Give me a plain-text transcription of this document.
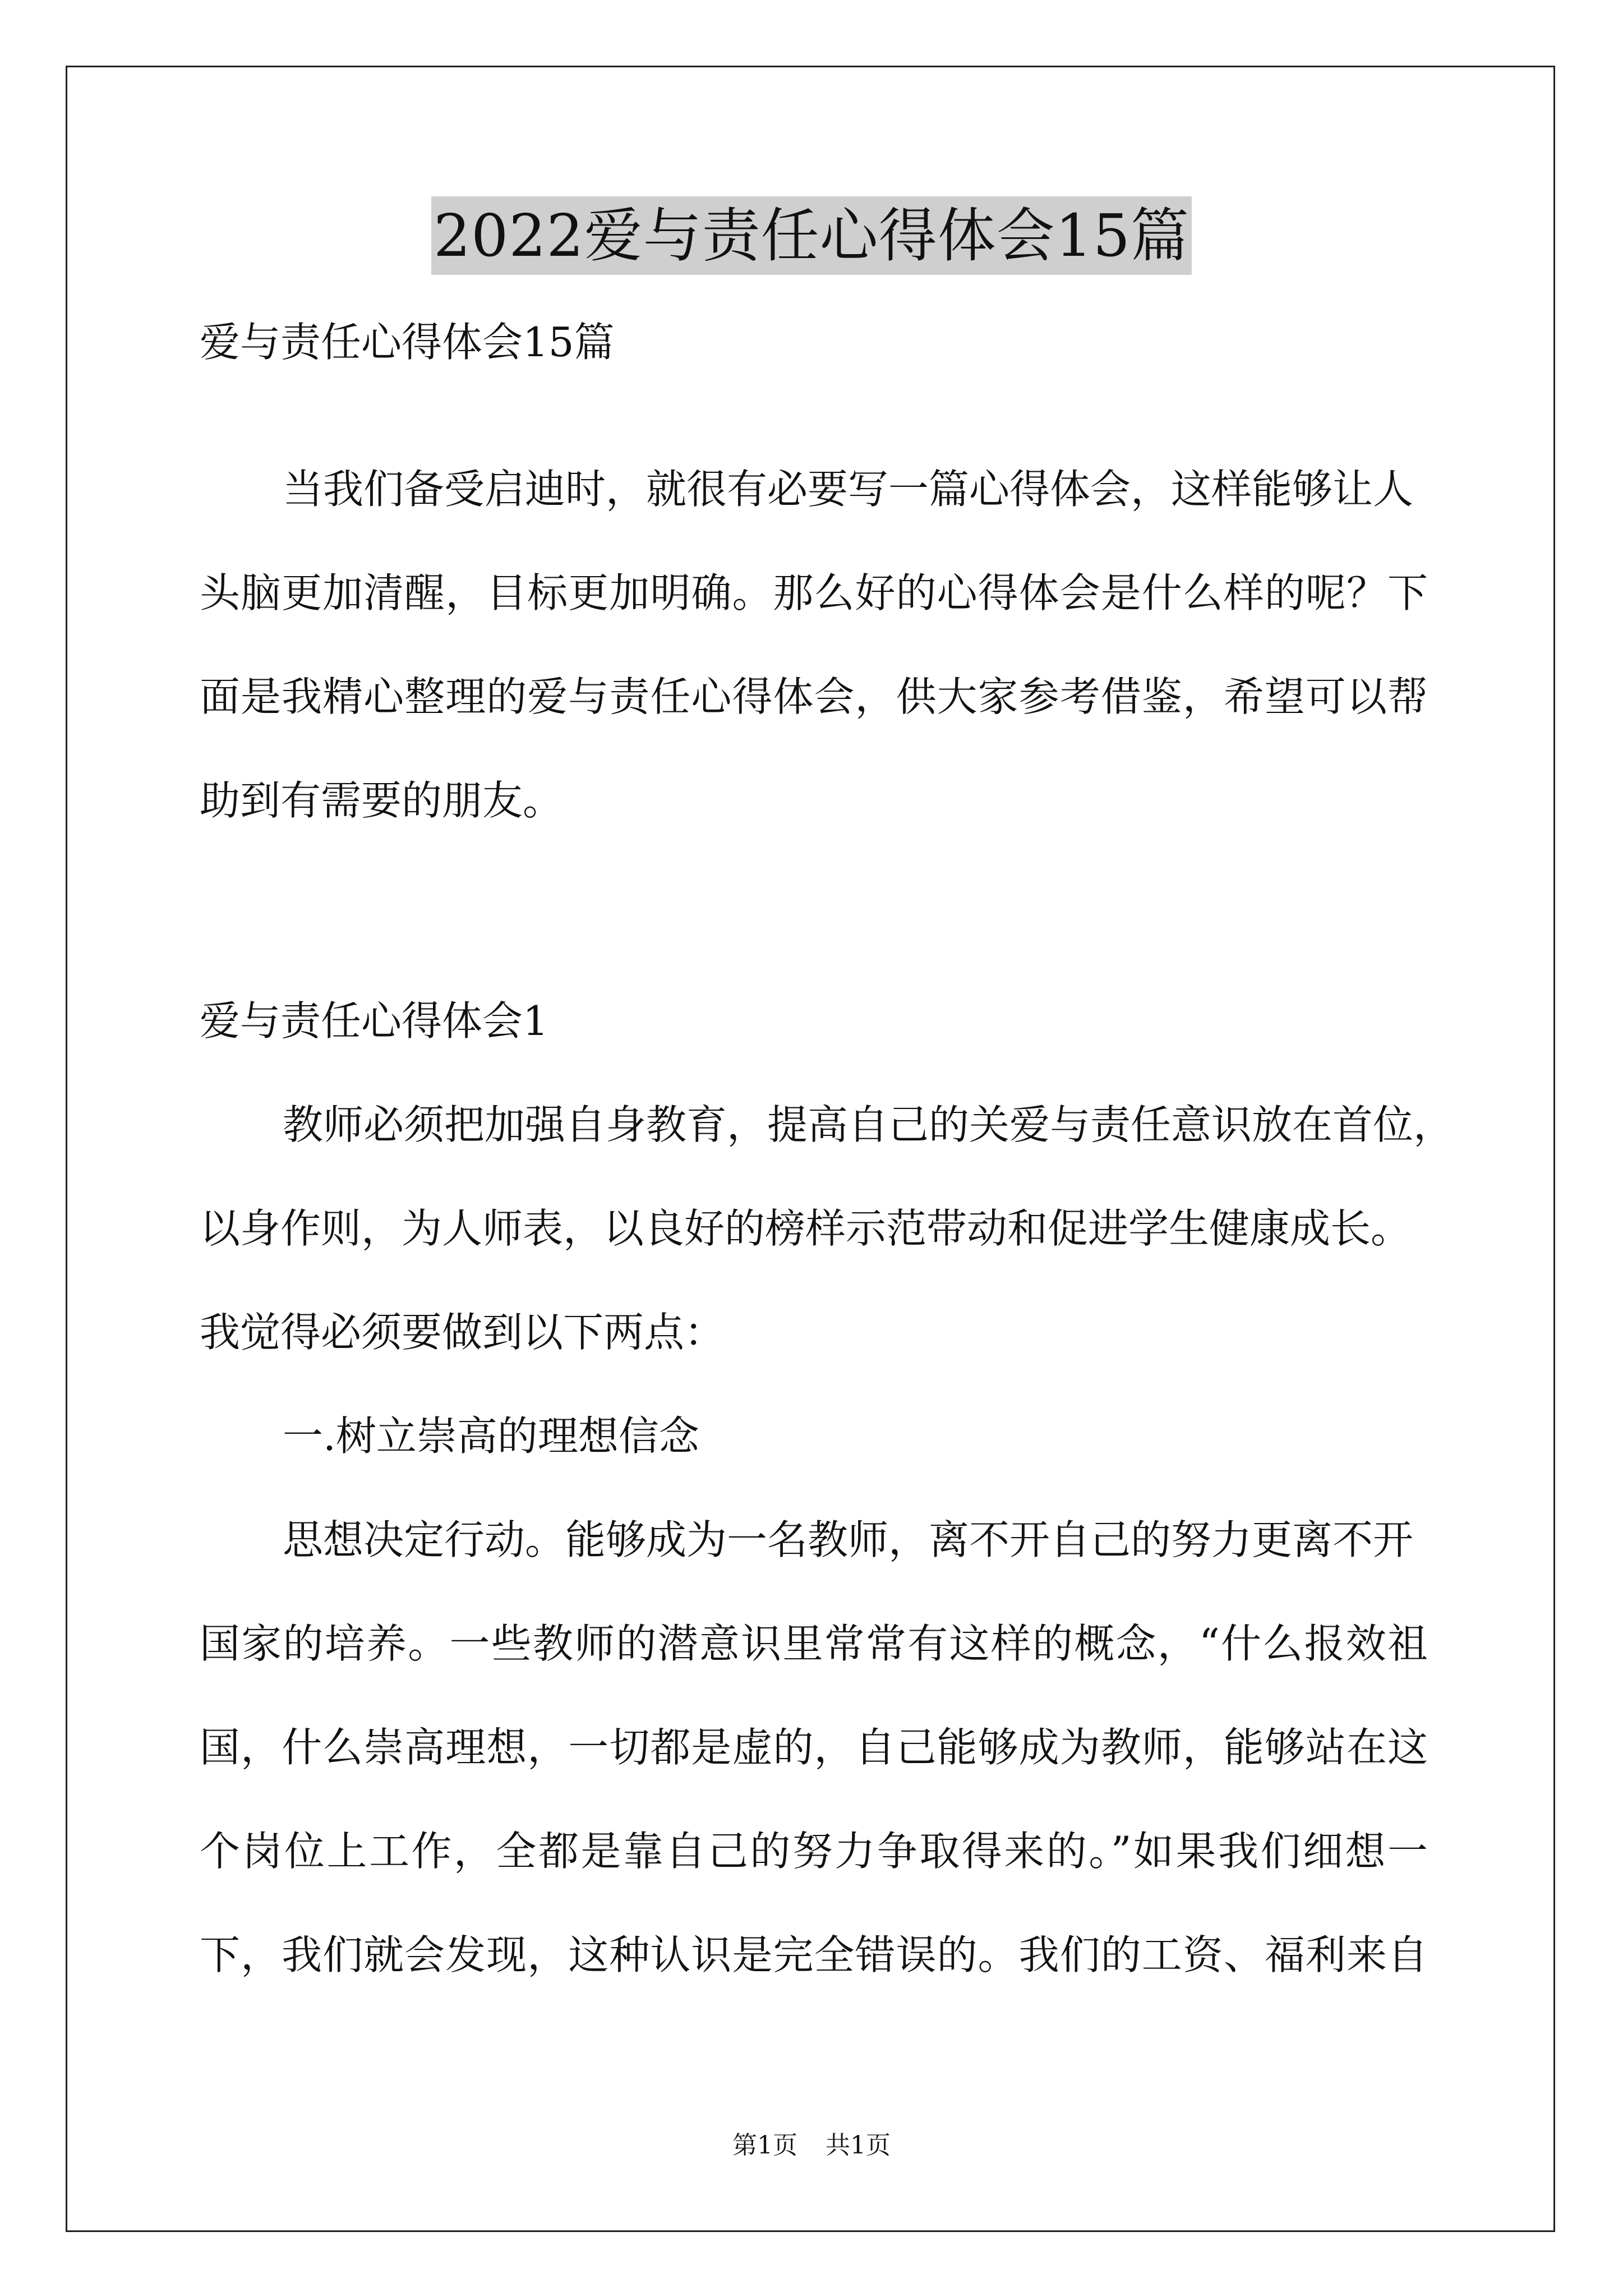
2022爱与责任心得体会15篇
爱与责任心得体会15篇
当我们备受启迪时，就很有必要写一篇心得体会，这样能够让人
头脑更加清醒，目标更加明确。那么好的心得体会是什么样的呢？下
面是我精心整理的爱与责任心得体会，供大家参考借鉴，希望可以帮
助到有需要的朋友。
爱与责任心得体会1
教师必须把加强自身教育，提高自己的关爱与责任意识放在首位，
以身作则，为人师表，以良好的榜样示范带动和促进学生健康成长。
我觉得必须要做到以下两点：
一.树立崇高的理想信念
思想决定行动。能够成为一名教师，离不开自己的努力更离不开
国家的培养。一些教师的潜意识里常常有这样的概念，“什么报效祖
国，什么崇高理想，一切都是虚的，自己能够成为教师，能够站在这
个岗位上工作，全都是靠自己的努力争取得来的。”如果我们细想一
下，我们就会发现，这种认识是完全错误的。我们的工资、福利来自
第1页 共1页
